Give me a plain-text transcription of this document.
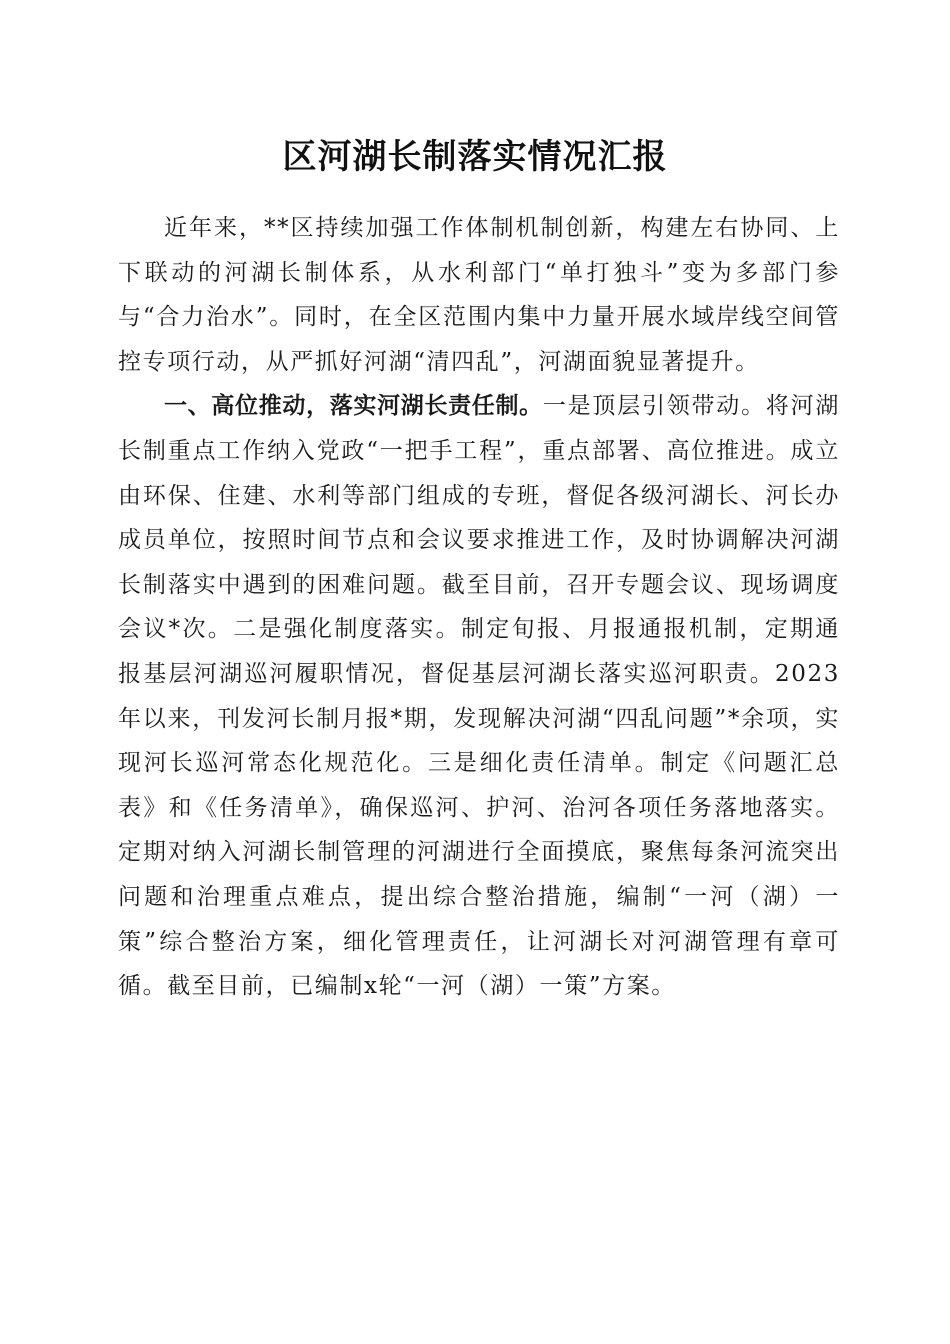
区河湖长制落实情况汇报

近年来，**区持续加强工作体制机制创新，构建左右协同、上下联动的河湖长制体系，从水利部门“单打独斗”变为多部门参与“合力治水”。同时，在全区范围内集中力量开展水域岸线空间管控专项行动，从严抓好河湖“清四乱”，河湖面貌显著提升。

一、高位推动，落实河湖长责任制。一是顶层引领带动。将河湖长制重点工作纳入党政“一把手工程”，重点部署、高位推进。成立由环保、住建、水利等部门组成的专班，督促各级河湖长、河长办成员单位，按照时间节点和会议要求推进工作，及时协调解决河湖长制落实中遇到的困难问题。截至目前，召开专题会议、现场调度会议*次。二是强化制度落实。制定旬报、月报通报机制，定期通报基层河湖巡河履职情况，督促基层河湖长落实巡河职责。2023年以来，刊发河长制月报*期，发现解决河湖“四乱问题”*余项，实现河长巡河常态化规范化。三是细化责任清单。制定《问题汇总表》和《任务清单》，确保巡河、护河、治河各项任务落地落实。定期对纳入河湖长制管理的河湖进行全面摸底，聚焦每条河流突出问题和治理重点难点，提出综合整治措施，编制“一河（湖）一策”综合整治方案，细化管理责任，让河湖长对河湖管理有章可循。截至目前，已编制x轮“一河（湖）一策”方案。
